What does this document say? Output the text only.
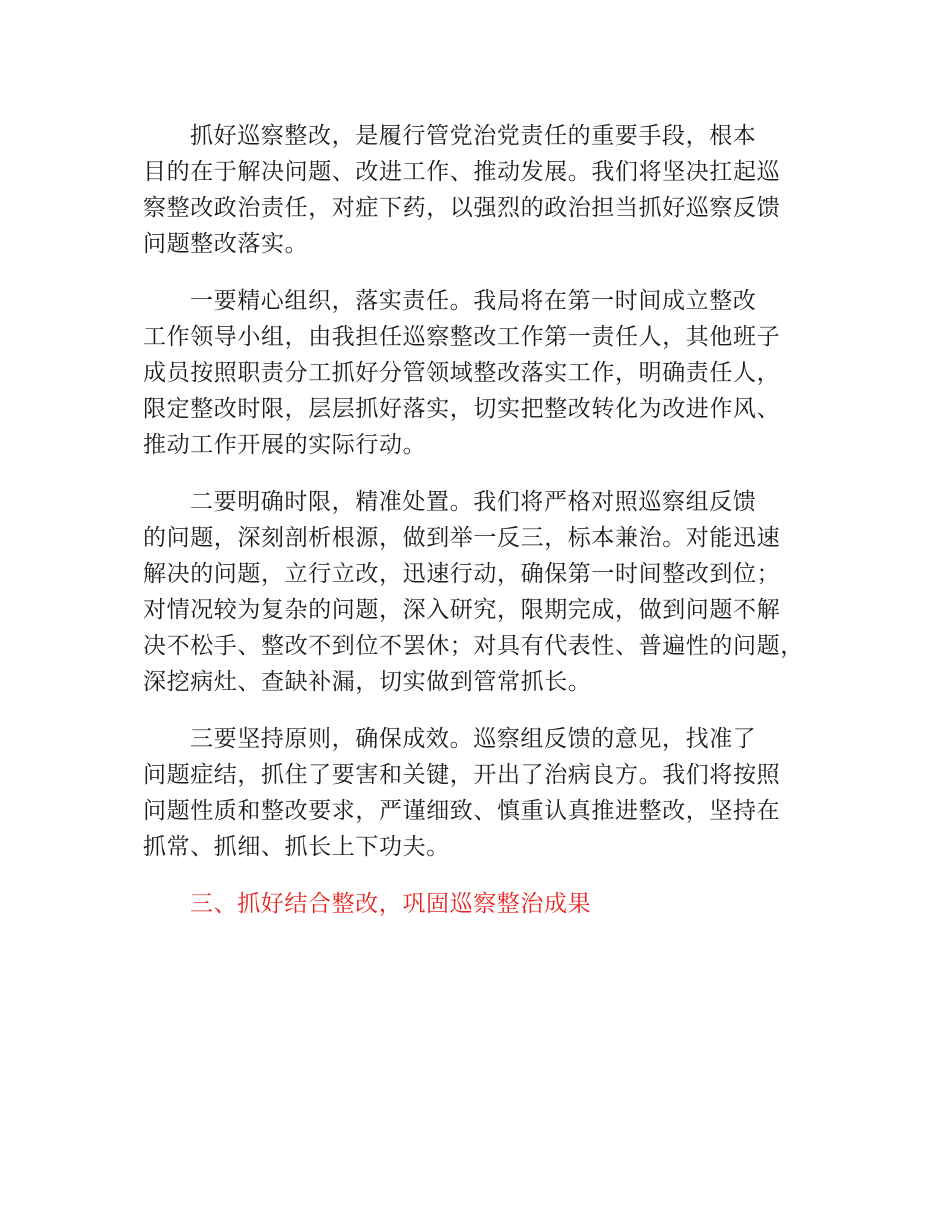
抓好巡察整改，是履行管党治党责任的重要手段，根本
目的在于解决问题、改进工作、推动发展。我们将坚决扛起巡
察整改政治责任，对症下药，以强烈的政治担当抓好巡察反馈
问题整改落实。
一要精心组织，落实责任。我局将在第一时间成立整改
工作领导小组，由我担任巡察整改工作第一责任人，其他班子
成员按照职责分工抓好分管领域整改落实工作，明确责任人，
限定整改时限，层层抓好落实，切实把整改转化为改进作风、
推动工作开展的实际行动。
二要明确时限，精准处置。我们将严格对照巡察组反馈
的问题，深刻剖析根源，做到举一反三，标本兼治。对能迅速
解决的问题，立行立改，迅速行动，确保第一时间整改到位；
对情况较为复杂的问题，深入研究，限期完成，做到问题不解
决不松手、整改不到位不罢休；对具有代表性、普遍性的问题，
深挖病灶、查缺补漏，切实做到管常抓长。
三要坚持原则，确保成效。巡察组反馈的意见，找准了
问题症结，抓住了要害和关键，开出了治病良方。我们将按照
问题性质和整改要求，严谨细致、慎重认真推进整改，坚持在
抓常、抓细、抓长上下功夫。
三、抓好结合整改，巩固巡察整治成果
